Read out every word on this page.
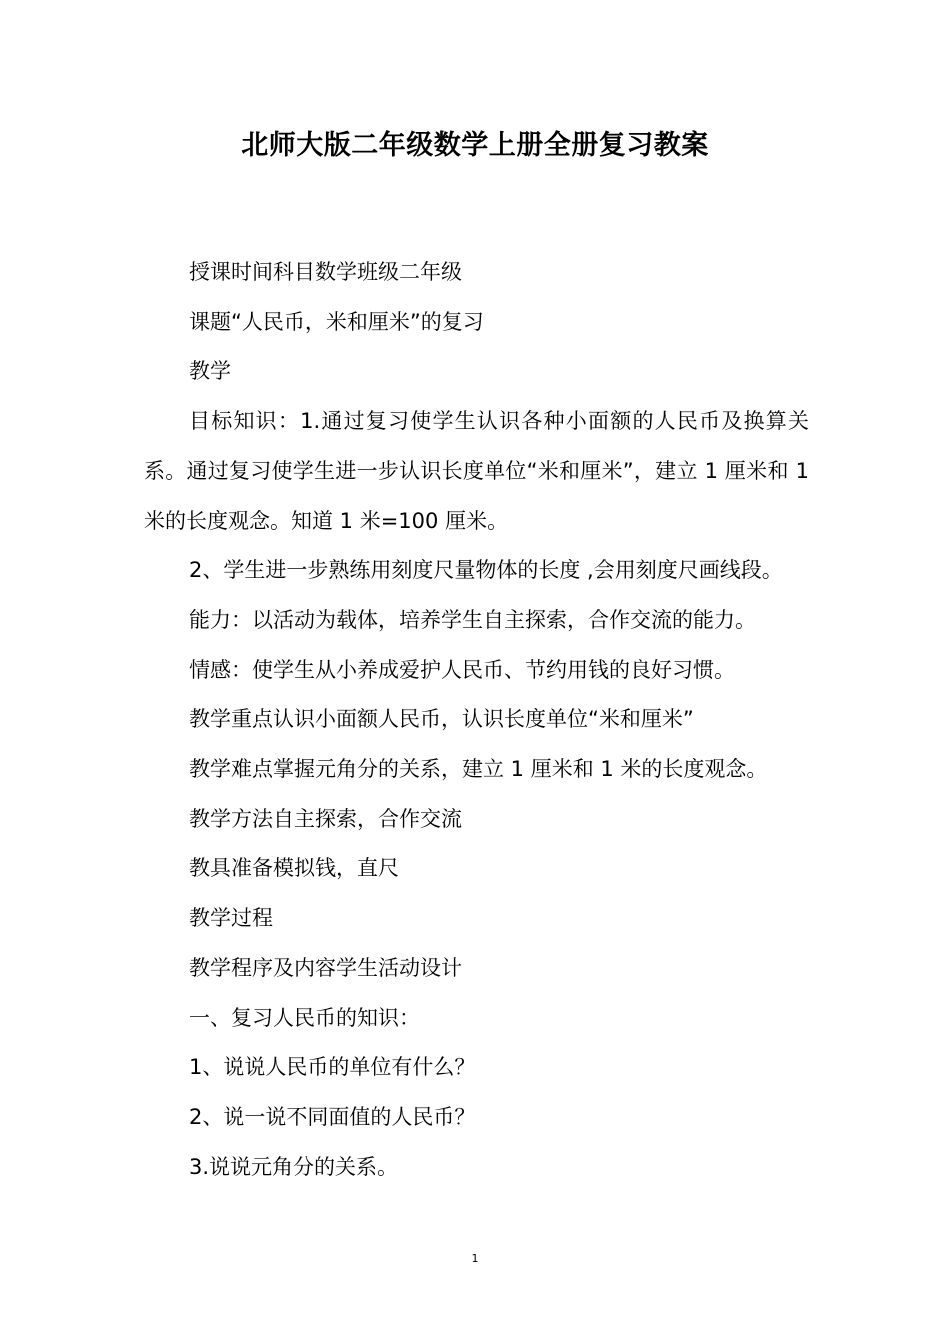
北师大版二年级数学上册全册复习教案

授课时间科目数学班级二年级

课题“人民币，米和厘米”的复习

教学

目标知识：1.通过复习使学生认识各种小面额的人民币及换算关系。通过复习使学生进一步认识长度单位“米和厘米”，建立 1 厘米和 1 米的长度观念。知道 1 米=100 厘米。

2、学生进一步熟练用刻度尺量物体的长度 ,会用刻度尺画线段。

能力：以活动为载体，培养学生自主探索，合作交流的能力。

情感：使学生从小养成爱护人民币、节约用钱的良好习惯。

教学重点认识小面额人民币，认识长度单位“米和厘米”

教学难点掌握元角分的关系，建立 1 厘米和 1 米的长度观念。

教学方法自主探索，合作交流

教具准备模拟钱，直尺

教学过程

教学程序及内容学生活动设计

一、复习人民币的知识：

1、说说人民币的单位有什么？

2、说一说不同面值的人民币？

3.说说元角分的关系。

1
